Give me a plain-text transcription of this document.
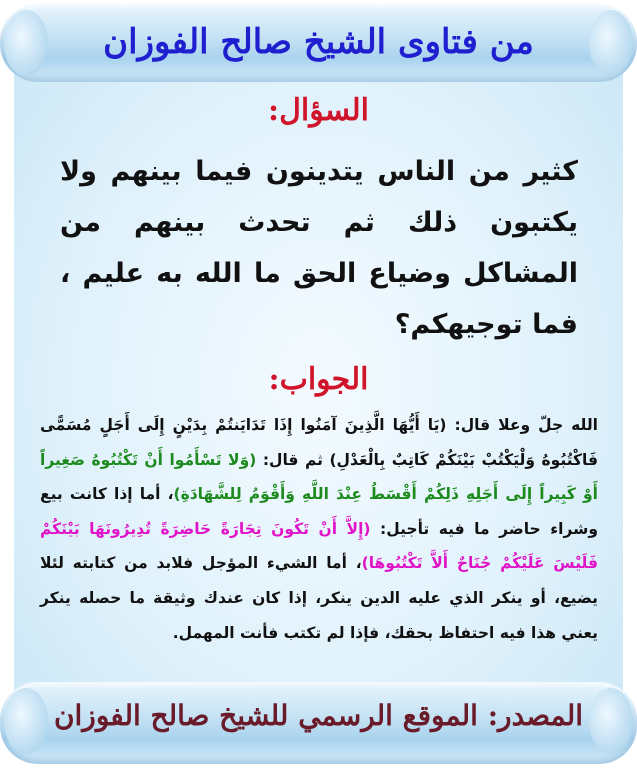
من فتاوى الشيخ صالح الفوزان
السؤال:
كثير من الناس يتدينون فيما بينهم ولا يكتبون ذلك ثم تحدث بينهم من المشاكل وضياع الحق ما الله به عليم ، فما توجيهكم؟
الجواب:
الله جلّ وعلا قال: (يَا أَيُّهَا الَّذِينَ آمَنُوا إِذَا تَدَايَنتُمْ بِدَيْنٍ إِلَى أَجَلٍ مُسَمًّى فَاكْتُبُوهُ وَلْيَكْتُبْ بَيْنَكُمْ كَاتِبٌ بِالْعَدْلِ) ثم قال: (وَلا تَسْأَمُوا أَنْ تَكْتُبُوهُ صَغِيراً أَوْ كَبِيراً إِلَى أَجَلِهِ ذَلِكُمْ أَقْسَطُ عِنْدَ اللَّهِ وَأَقْوَمُ لِلشَّهَادَةِ)، أما إذا كانت بيع وشراء حاضر ما فيه تأجيل: (إِلاَّ أَنْ تَكُونَ تِجَارَةً حَاضِرَةً تُدِيرُونَهَا بَيْنَكُمْ فَلَيْسَ عَلَيْكُمْ جُنَاحٌ أَلاَّ تَكْتُبُوهَا)، أما الشيء المؤجل فلابد من كتابته لئلا يضيع، أو ينكر الذي عليه الدين ينكر، إذا كان عندك وثيقة ما حصله ينكر يعني هذا فيه احتفاظ بحقك، فإذا لم تكتب فأنت المهمل.
المصدر: الموقع الرسمي للشيخ صالح الفوزان
